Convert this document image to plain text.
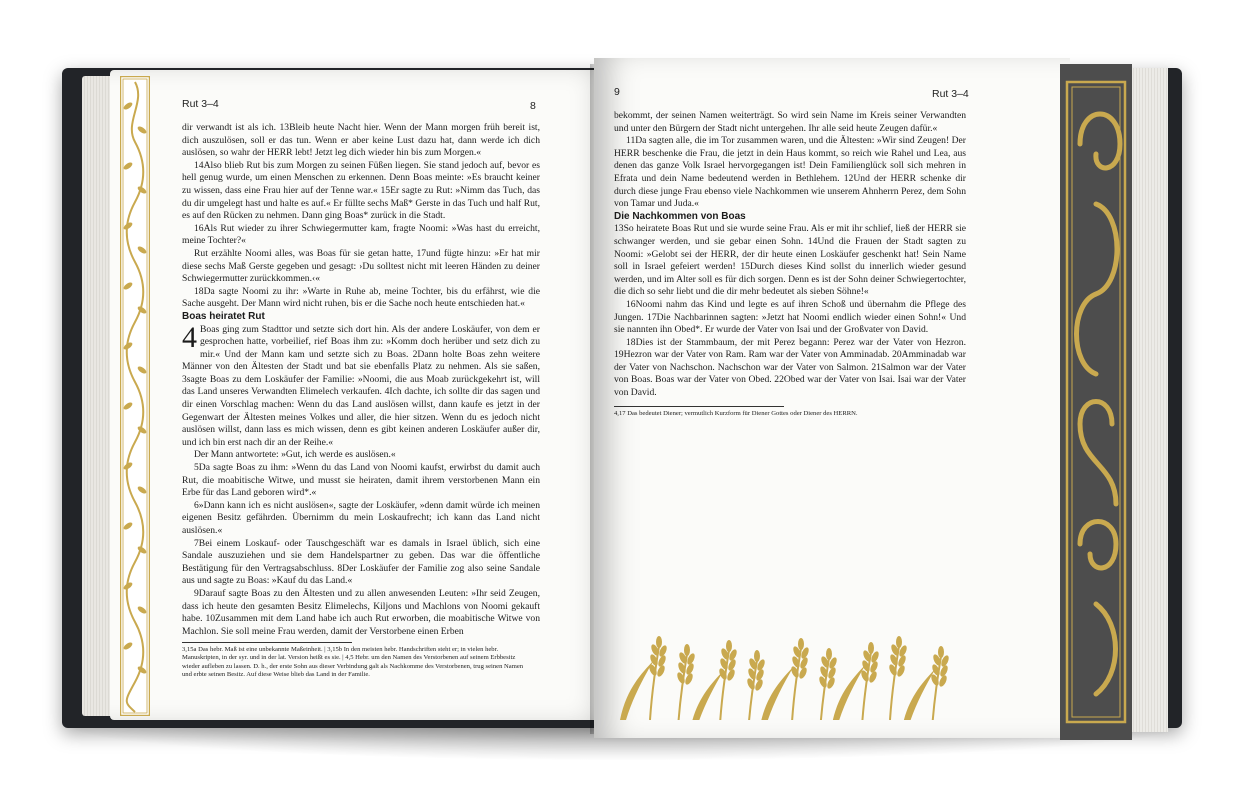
Rut 3–4	8

dir verwandt ist als ich. 13Bleib heute Nacht hier. Wenn der Mann morgen früh bereit ist, dich auszulösen, soll er das tun. Wenn er aber keine Lust dazu hat, dann werde ich dich auslösen, so wahr der HERR lebt! Jetzt leg dich wieder hin bis zum Morgen.«

14Also blieb Rut bis zum Morgen zu seinen Füßen liegen. Sie stand jedoch auf, bevor es hell genug wurde, um einen Menschen zu erkennen. Denn Boas meinte: »Es braucht keiner zu wissen, dass eine Frau hier auf der Tenne war.« 15Er sagte zu Rut: »Nimm das Tuch, das du dir umgelegt hast und halte es auf.« Er füllte sechs Maß* Gerste in das Tuch und half Rut, es auf den Rücken zu nehmen. Dann ging Boas* zurück in die Stadt.

16Als Rut wieder zu ihrer Schwiegermutter kam, fragte Noomi: »Was hast du erreicht, meine Tochter?«

Rut erzählte Noomi alles, was Boas für sie getan hatte, 17und fügte hinzu: »Er hat mir diese sechs Maß Gerste gegeben und gesagt: ›Du solltest nicht mit leeren Händen zu deiner Schwiegermutter zurückkommen.‹«

18Da sagte Noomi zu ihr: »Warte in Ruhe ab, meine Tochter, bis du erfährst, wie die Sache ausgeht. Der Mann wird nicht ruhen, bis er die Sache noch heute entschieden hat.«

Boas heiratet Rut

4 Boas ging zum Stadttor und setzte sich dort hin. Als der andere Loskäufer, von dem er gesprochen hatte, vorbeilief, rief Boas ihm zu: »Komm doch herüber und setz dich zu mir.« Und der Mann kam und setzte sich zu Boas. 2Dann holte Boas zehn weitere Männer von den Ältesten der Stadt und bat sie ebenfalls Platz zu nehmen. Als sie saßen, 3sagte Boas zu dem Loskäufer der Familie: »Noomi, die aus Moab zurückgekehrt ist, will das Land unseres Verwandten Elimelech verkaufen. 4Ich dachte, ich sollte dir das sagen und dir einen Vorschlag machen: Wenn du das Land auslösen willst, dann kaufe es jetzt in der Gegenwart der Ältesten meines Volkes und aller, die hier sitzen. Wenn du es jedoch nicht auslösen willst, dann lass es mich wissen, denn es gibt keinen anderen Loskäufer außer dir, und ich bin erst nach dir an der Reihe.«

Der Mann antwortete: »Gut, ich werde es auslösen.«

5Da sagte Boas zu ihm: »Wenn du das Land von Noomi kaufst, erwirbst du damit auch Rut, die moabitische Witwe, und musst sie heiraten, damit ihrem verstorbenen Mann ein Erbe für das Land geboren wird*.«

6»Dann kann ich es nicht auslösen«, sagte der Loskäufer, »denn damit würde ich meinen eigenen Besitz gefährden. Übernimm du mein Loskaufrecht; ich kann das Land nicht auslösen.«

7Bei einem Loskauf- oder Tauschgeschäft war es damals in Israel üblich, sich eine Sandale auszuziehen und sie dem Handelspartner zu geben. Das war die öffentliche Bestätigung für den Vertragsabschluss. 8Der Loskäufer der Familie zog also seine Sandale aus und sagte zu Boas: »Kauf du das Land.«

9Darauf sagte Boas zu den Ältesten und zu allen anwesenden Leuten: »Ihr seid Zeugen, dass ich heute den gesamten Besitz Elimelechs, Kiljons und Machlons von Noomi gekauft habe. 10Zusammen mit dem Land habe ich auch Rut erworben, die moabitische Witwe von Machlon. Sie soll meine Frau werden, damit der Verstorbene einen Erben

3,15a Das hebr. Maß ist eine unbekannte Maßeinheit. | 3,15b In den meisten hebr. Handschriften steht er; in vielen hebr. Manuskripten, in der syr. und in der lat. Version heißt es sie. | 4,5 Hebr. um den Namen des Verstorbenen auf seinem Erbbesitz wieder aufleben zu lassen. D. h., der erste Sohn aus dieser Verbindung galt als Nachkomme des Verstorbenen, trug seinen Namen und erbte seinen Besitz. Auf diese Weise blieb das Land in der Familie.

9	Rut 3–4

bekommt, der seinen Namen weiterträgt. So wird sein Name im Kreis seiner Verwandten und unter den Bürgern der Stadt nicht untergehen. Ihr alle seid heute Zeugen dafür.«

11Da sagten alle, die im Tor zusammen waren, und die Ältesten: »Wir sind Zeugen! Der HERR beschenke die Frau, die jetzt in dein Haus kommt, so reich wie Rahel und Lea, aus denen das ganze Volk Israel hervorgegangen ist! Dein Familienglück soll sich mehren in Efrata und dein Name bedeutend werden in Bethlehem. 12Und der HERR schenke dir durch diese junge Frau ebenso viele Nachkommen wie unserem Ahnherrn Perez, dem Sohn von Tamar und Juda.«

Die Nachkommen von Boas

13So heiratete Boas Rut und sie wurde seine Frau. Als er mit ihr schlief, ließ der HERR sie schwanger werden, und sie gebar einen Sohn. 14Und die Frauen der Stadt sagten zu Noomi: »Gelobt sei der HERR, der dir heute einen Loskäufer geschenkt hat! Sein Name soll in Israel gefeiert werden! 15Durch dieses Kind sollst du innerlich wieder gesund werden, und im Alter soll es für dich sorgen. Denn es ist der Sohn deiner Schwiegertochter, die dich so sehr liebt und die dir mehr bedeutet als sieben Söhne!«

16Noomi nahm das Kind und legte es auf ihren Schoß und übernahm die Pflege des Jungen. 17Die Nachbarinnen sagten: »Jetzt hat Noomi endlich wieder einen Sohn!« Und sie nannten ihn Obed*. Er wurde der Vater von Isai und der Großvater von David.

18Dies ist der Stammbaum, der mit Perez begann: Perez war der Vater von Hezron. 19Hezron war der Vater von Ram. Ram war der Vater von Amminadab. 20Amminadab war der Vater von Nachschon. Nachschon war der Vater von Salmon. 21Salmon war der Vater von Boas. Boas war der Vater von Obed. 22Obed war der Vater von Isai. Isai war der Vater von David.

4,17 Das bedeutet Diener; vermutlich Kurzform für Diener Gottes oder Diener des HERRN.
